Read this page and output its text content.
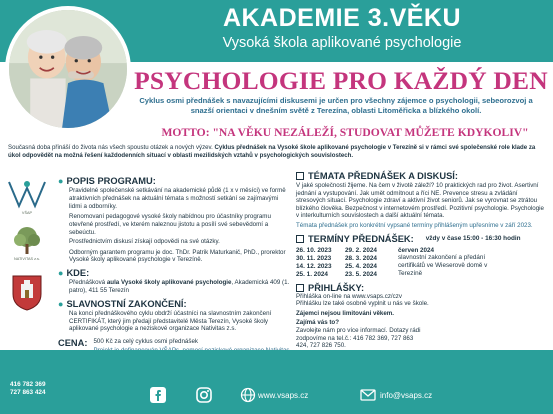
AKADEMIE 3.VĚKU
Vysoká škola aplikované psychologie
PSYCHOLOGIE PRO KAŽDÝ DEN
Cyklus osmi přednášek s navazujícími diskusemi je určen pro všechny zájemce o psychologii, sebeorozvoj a snazší orientaci v dnešním světě z Terezína, oblasti Litoměřicka a blízkého okolí.
MOTTO: "NA VĚKU NEZÁLEŽÍ, STUDOVAT MŮŽETE KDYKOLIV"
Současná doba přináší do života nás všech spoustu otázek a nových výzev. Cyklus přednášek na Vysoké škole aplikované psychologie v Terezíně si v rámci své společenské role klade za úkol odpovědět na možná řešení každodenních situací v oblasti mezilidských vztahů v psychologických souvislostech.
VŠAP
NATIVITAS z.s.
● POPIS PROGRAMU:
Pravidelné společenské setkávání na akademické půdě (1 x v měsíci) ve formě atraktivních přednášek na aktuální témata s možností setkání se zajímavými lidmi a odborníky.
Renomovaní pedagogové vysoké školy nabídnou pro účastníky programu otevřené prostředí, ve kterém naleznou jistotu a posílí své sebevědomí a sebeúctu.
Prostřednictvím diskusí získají odpovědi na své otázky.
Odborným garantem programu je doc. ThDr. Patrik Maturkanič, PhD., prorektor Vysoké školy aplikované psychologie v Terezíně.
● KDE:
Přednášková aula Vysoké školy aplikované psychologie, Akademická 409 (1. patro), 411 55 Terezín
● SLAVNOSTNÍ ZAKONČENÍ:
Na konci přednáškového cyklu obdrží účastníci na slavnostním zakončení CERTIFIKÁT, který jim předají představitelé Města Terezín, Vysoké školy aplikované psychologie a neziskové organizace Nativitas z.s.
CENA: 500 Kč za celý cyklus osmi přednášek
TÉMATA PŘEDNÁŠEK A DISKUSÍ:
V jaké společnosti žijeme. Na čem v životě záleží? 10 praktických rad pro život. Asertivní jednání a vystupování. Jak umět odmítnout a říci NE. Prevence stresu a zvládání stresových situací. Psychologie zdraví a aktivní život seniorů. Jak se vyrovnat se ztrátou blízkého člověka. Bezpečnost v internetovém prostředí. Pozitivní psychologie. Psychologie v interkulturních souvislostech a další aktuální témata.
Témata přednášek pro konkrétní vypsané termíny přihlášeným upřesníme v září 2023.
TERMÍNY PŘEDNÁŠEK: vždy v čase 15:00 - 16:30 hodin
26. 10. 2023
30. 11. 2023
14. 12. 2023
25. 1. 2024
29. 2. 2024
28. 3. 2024
25. 4. 2024
23. 5. 2024
červen 2024
slavnostní zakončení a předání certifikátů ve Wieserově domě v Terezíně
PŘIHLÁŠKY:
Přihláška on-line na www.vsaps.cz/czv
Přihlášku lze také osobně vyplnit u nás ve škole.
Zájemci nejsou limitováni věkem.
Zajímá vás to?
Zavolejte nám pro více informací. Dotazy rádi zodpovíme na tel.č.: 416 782 369, 727 863 424, 727 826 750.
416 782 369
727 863 424	www.vsaps.cz	info@vsaps.cz
